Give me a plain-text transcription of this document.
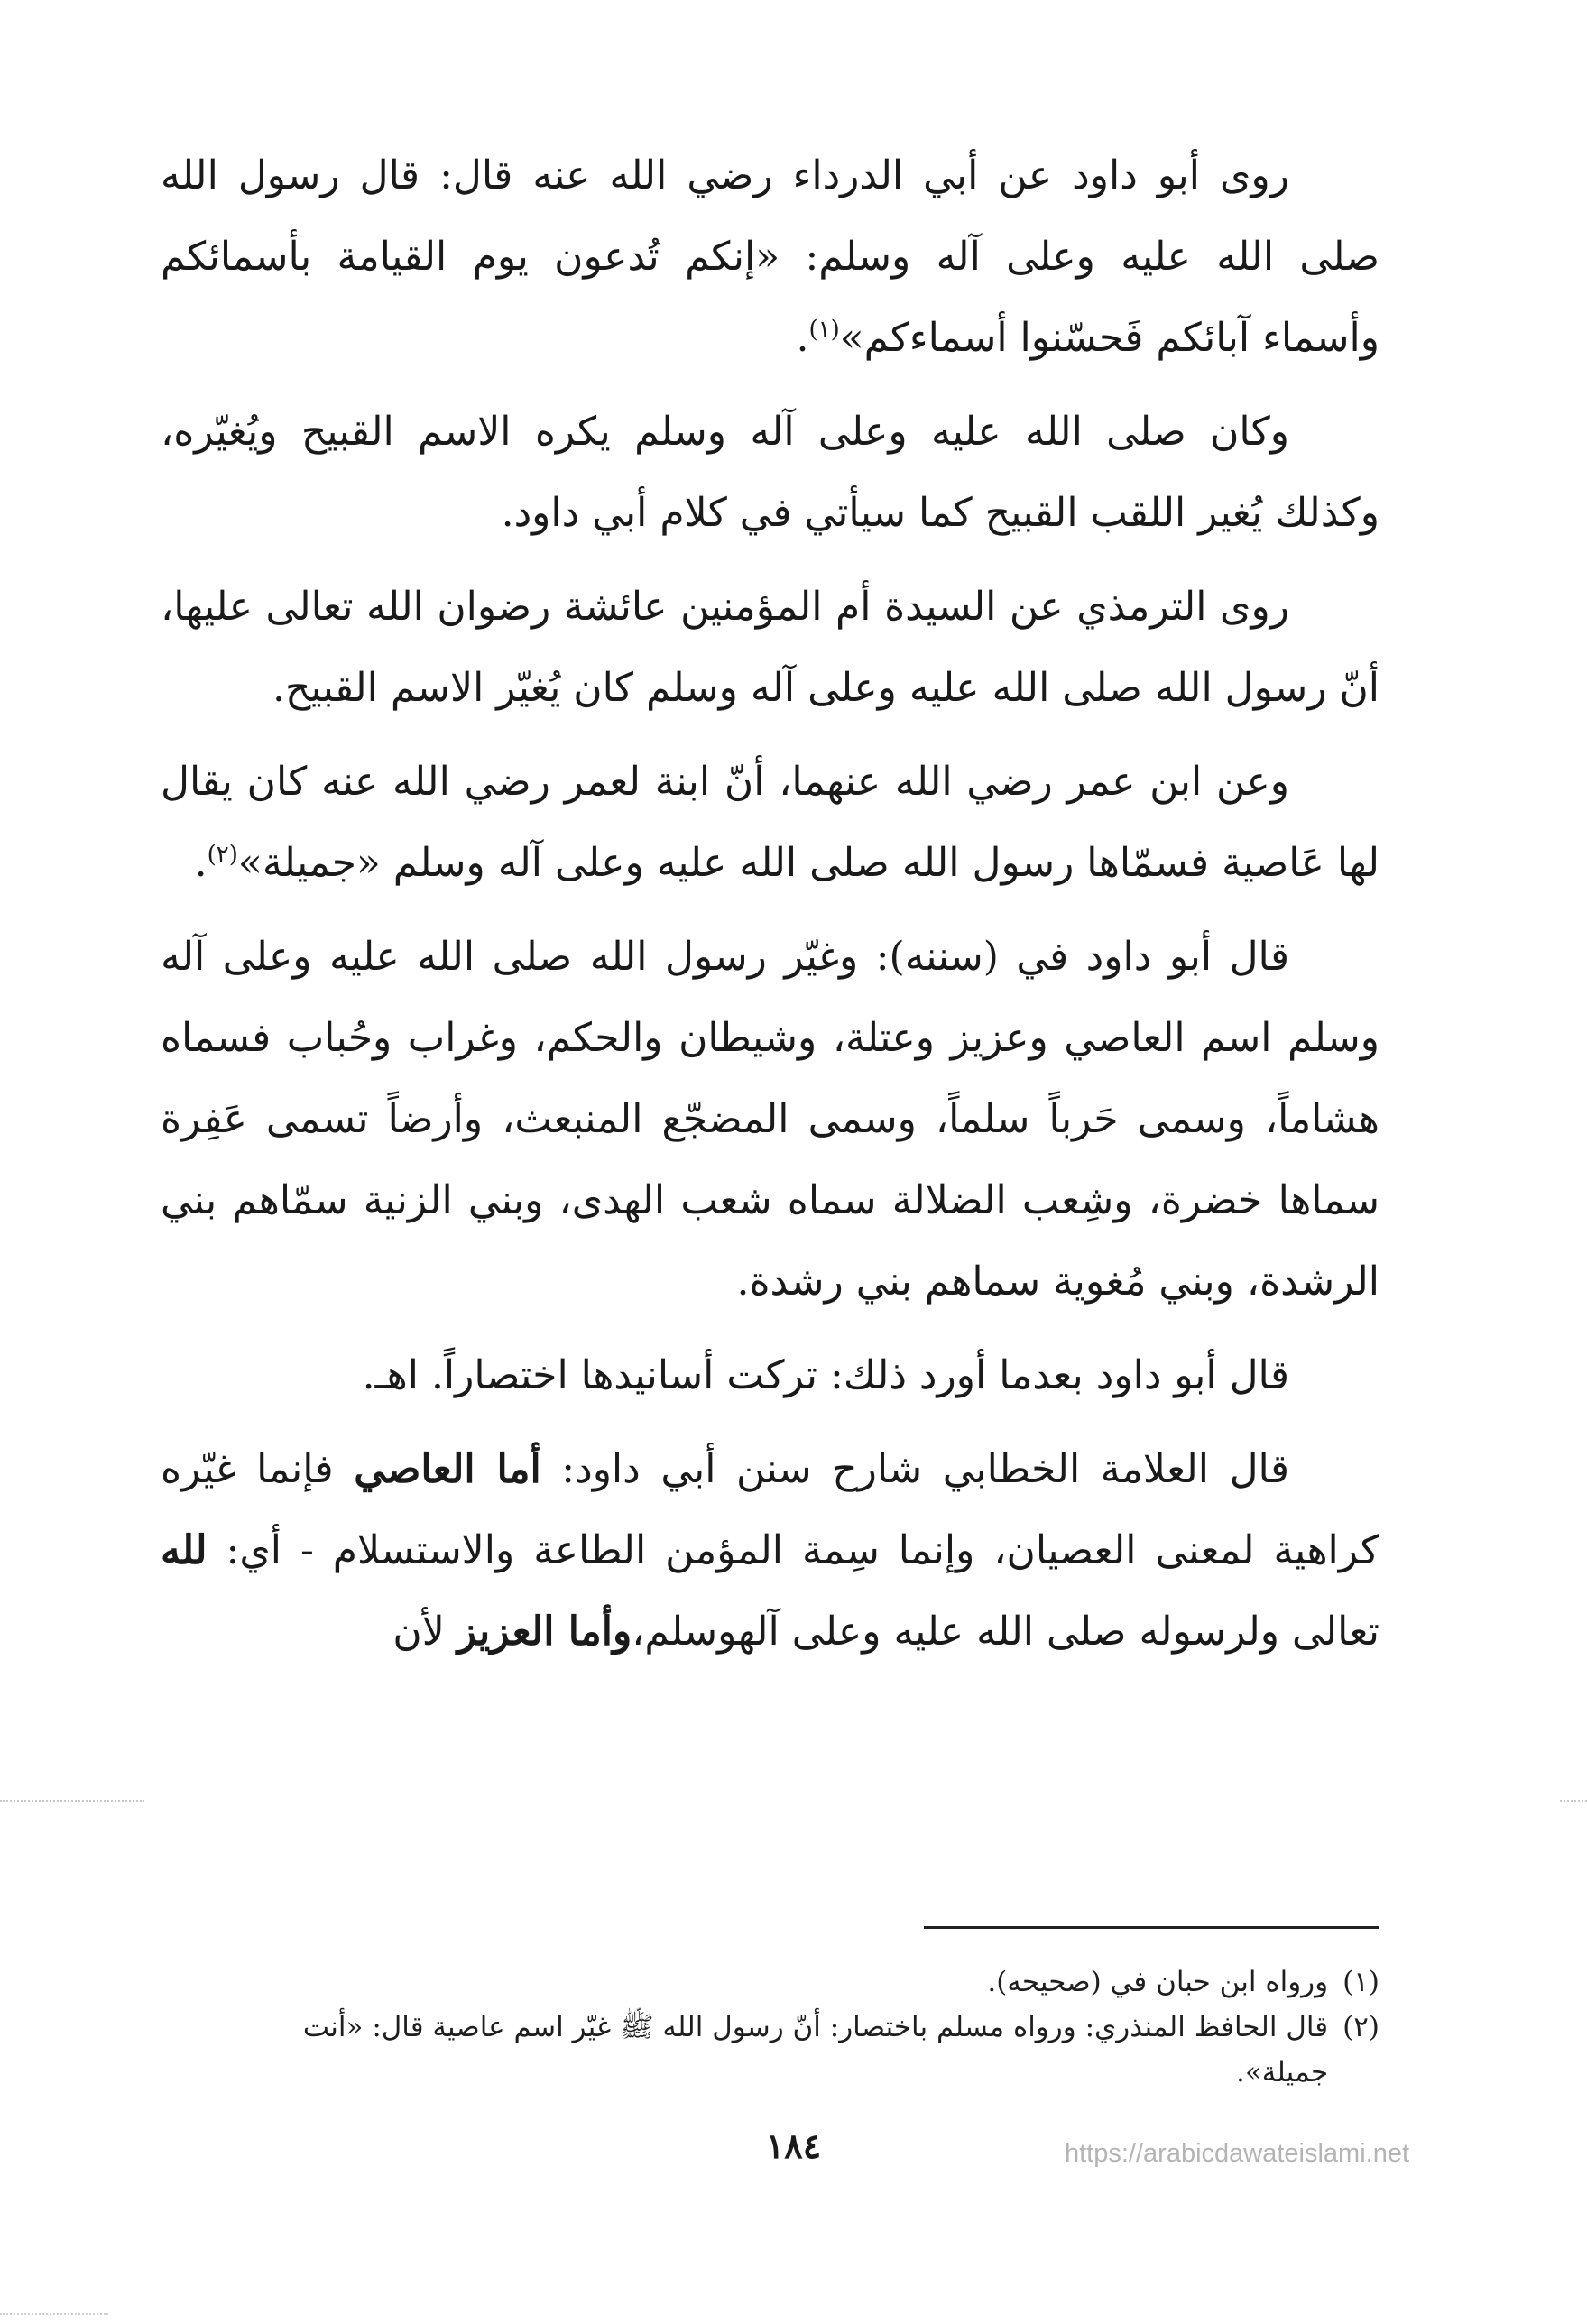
روى أبو داود عن أبي الدرداء رضي الله عنه قال: قال رسول الله صلى الله عليه وعلى آله وسلم: «إنكم تُدعون يوم القيامة بأسمائكم وأسماء آبائكم فَحسّنوا أسماءكم»$^{(١)}$.

وكان صلى الله عليه وعلى آله وسلم يكره الاسم القبيح ويُغيّره، وكذلك يُغير اللقب القبيح كما سيأتي في كلام أبي داود.

روى الترمذي عن السيدة أم المؤمنين عائشة رضوان الله تعالى عليها، أنّ رسول الله صلى الله عليه وعلى آله وسلم كان يُغيّر الاسم القبيح.

وعن ابن عمر رضي الله عنهما، أنّ ابنة لعمر رضي الله عنه كان يقال لها عَاصية فسمّاها رسول الله صلى الله عليه وعلى آله وسلم «جميلة»$^{(٢)}$.

قال أبو داود في (سننه): وغيّر رسول الله صلى الله عليه وعلى آله وسلم اسم العاصي وعزيز وعتلة، وشيطان والحكم، وغراب وحُباب فسماه هشاماً، وسمى حَرباً سلماً، وسمى المضجّع المنبعث، وأرضاً تسمى عَفِرة سماها خضرة، وشِعب الضلالة سماه شعب الهدى، وبني الزنية سمّاهم بني الرشدة، وبني مُغوية سماهم بني رشدة.

قال أبو داود بعدما أورد ذلك: تركت أسانيدها اختصاراً. اهـ.

قال العلامة الخطابي شارح سنن أبي داود: أما العاصي فإنما غيّره كراهية لمعنى العصيان، وإنما سِمة المؤمن الطاعة والاستسلام - أي: لله تعالى ولرسوله صلى الله عليه وعلى آلهوسلم،وأما العزيز لأن

(١)
ورواه ابن حبان في (صحيحه).

(٢)
قال الحافظ المنذري: ورواه مسلم باختصار: أنّ رسول الله ﷺ غيّر اسم عاصية قال: «أنت جميلة».

١٨٤	https://arabicdawateislami.net
